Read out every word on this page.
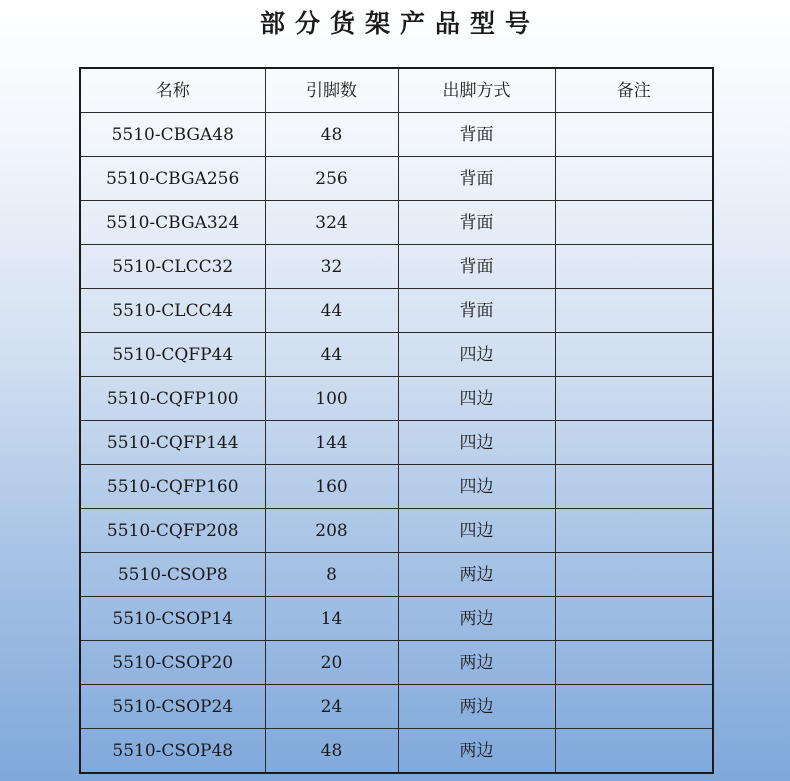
部分货架产品型号
名称	引脚数	出脚方式	备注
5510-CBGA48	48	背面	
5510-CBGA256	256	背面	
5510-CBGA324	324	背面	
5510-CLCC32	32	背面	
5510-CLCC44	44	背面	
5510-CQFP44	44	四边	
5510-CQFP100	100	四边	
5510-CQFP144	144	四边	
5510-CQFP160	160	四边	
5510-CQFP208	208	四边	
5510-CSOP8	8	两边	
5510-CSOP14	14	两边	
5510-CSOP20	20	两边	
5510-CSOP24	24	两边	
5510-CSOP48	48	两边	
